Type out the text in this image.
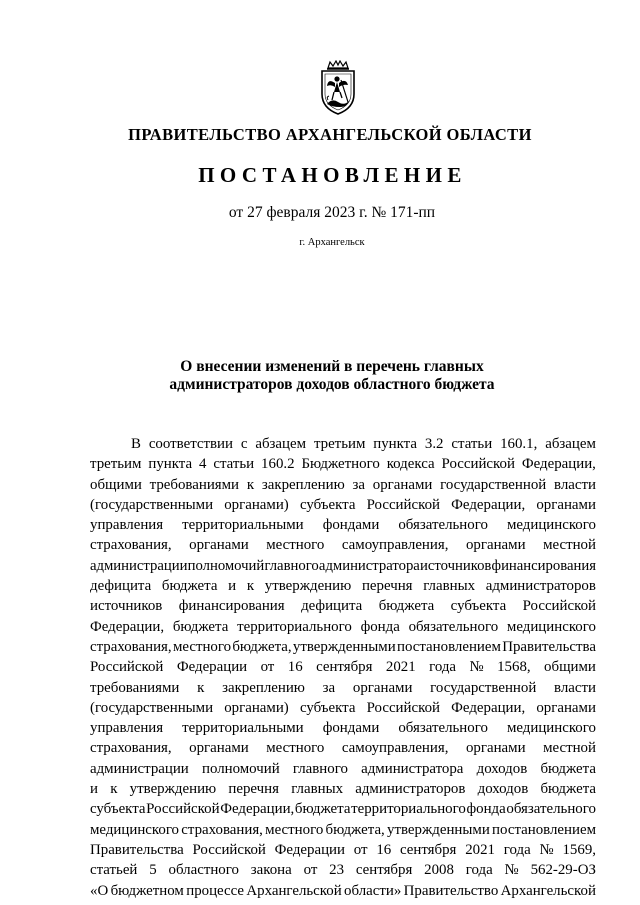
ПРАВИТЕЛЬСТВО АРХАНГЕЛЬСКОЙ ОБЛАСТИ
ПОСТАНОВЛЕНИЕ
от 27 февраля 2023 г. № 171-пп
г. Архангельск
О внесении изменений в перечень главных
администраторов доходов областного бюджета
В соответствии с абзацем третьим пункта 3.2 статьи 160.1, абзацем
третьим пункта 4 статьи 160.2 Бюджетного кодекса Российской Федерации,
общими требованиями к закреплению за органами государственной власти
(государственными органами) субъекта Российской Федерации, органами
управления территориальными фондами обязательного медицинского
страхования, органами местного самоуправления, органами местной
администрации полномочий главного администратора источников финансирования
дефицита бюджета и к утверждению перечня главных администраторов
источников финансирования дефицита бюджета субъекта Российской
Федерации, бюджета территориального фонда обязательного медицинского
страхования, местного бюджета, утвержденными постановлением Правительства
Российской Федерации от 16 сентября 2021 года № 1568, общими
требованиями к закреплению за органами государственной власти
(государственными органами) субъекта Российской Федерации, органами
управления территориальными фондами обязательного медицинского
страхования, органами местного самоуправления, органами местной
администрации полномочий главного администратора доходов бюджета
и к утверждению перечня главных администраторов доходов бюджета
субъекта Российской Федерации, бюджета территориального фонда обязательного
медицинского страхования, местного бюджета, утвержденными постановлением
Правительства Российской Федерации от 16 сентября 2021 года № 1569,
статьей 5 областного закона от 23 сентября 2008 года № 562-29-ОЗ
«О бюджетном процессе Архангельской области» Правительство Архангельской
